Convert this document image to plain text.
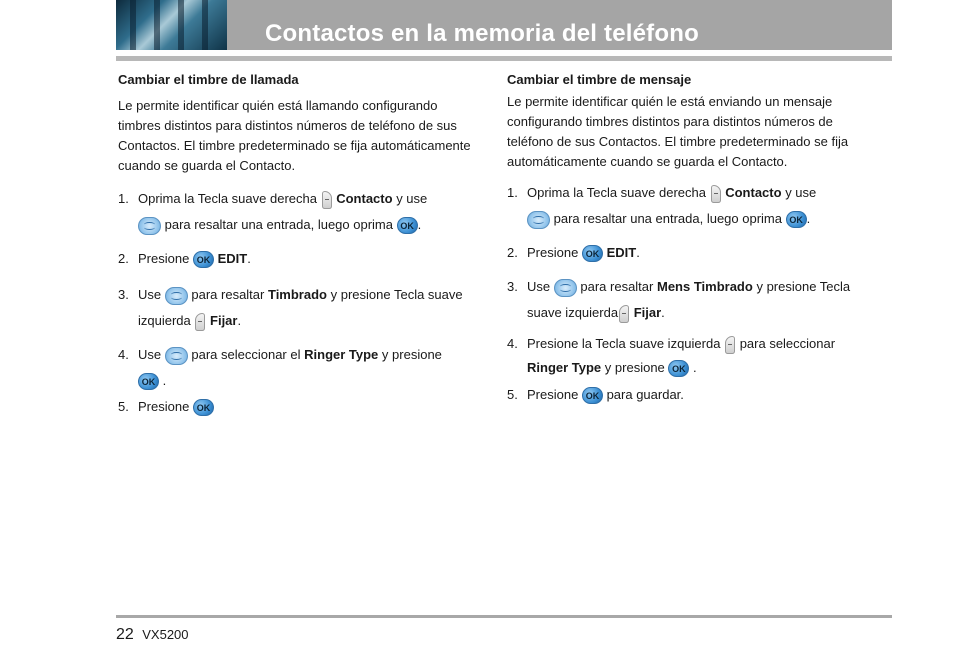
Contactos en la memoria del teléfono

Cambiar el timbre de llamada

Le permite identificar quién está llamando configurando timbres distintos para distintos números de teléfono de sus Contactos. El timbre predeterminado se fija automáticamente cuando se guarda el Contacto.

1. Oprima la Tecla suave derecha Contacto y use
para resaltar una entrada, luego oprima OK .
2. Presione OK EDIT.
3. Use para resaltar Timbrado y presione Tecla suave izquierda Fijar.
4. Use para seleccionar el Ringer Type y presione
OK .
5. Presione OK

Cambiar el timbre de mensaje

Le permite identificar quién le está enviando un mensaje configurando timbres distintos para distintos números de teléfono de sus Contactos. El timbre predeterminado se fija automáticamente cuando se guarda el Contacto.

1. Oprima la Tecla suave derecha Contacto y use
para resaltar una entrada, luego oprima OK .
2. Presione OK EDIT.
3. Use para resaltar Mens Timbrado y presione Tecla suave izquierda Fijar.
4. Presione la Tecla suave izquierda para seleccionar
Ringer Type y presione OK .
5. Presione OK para guardar.
22 VX5200
